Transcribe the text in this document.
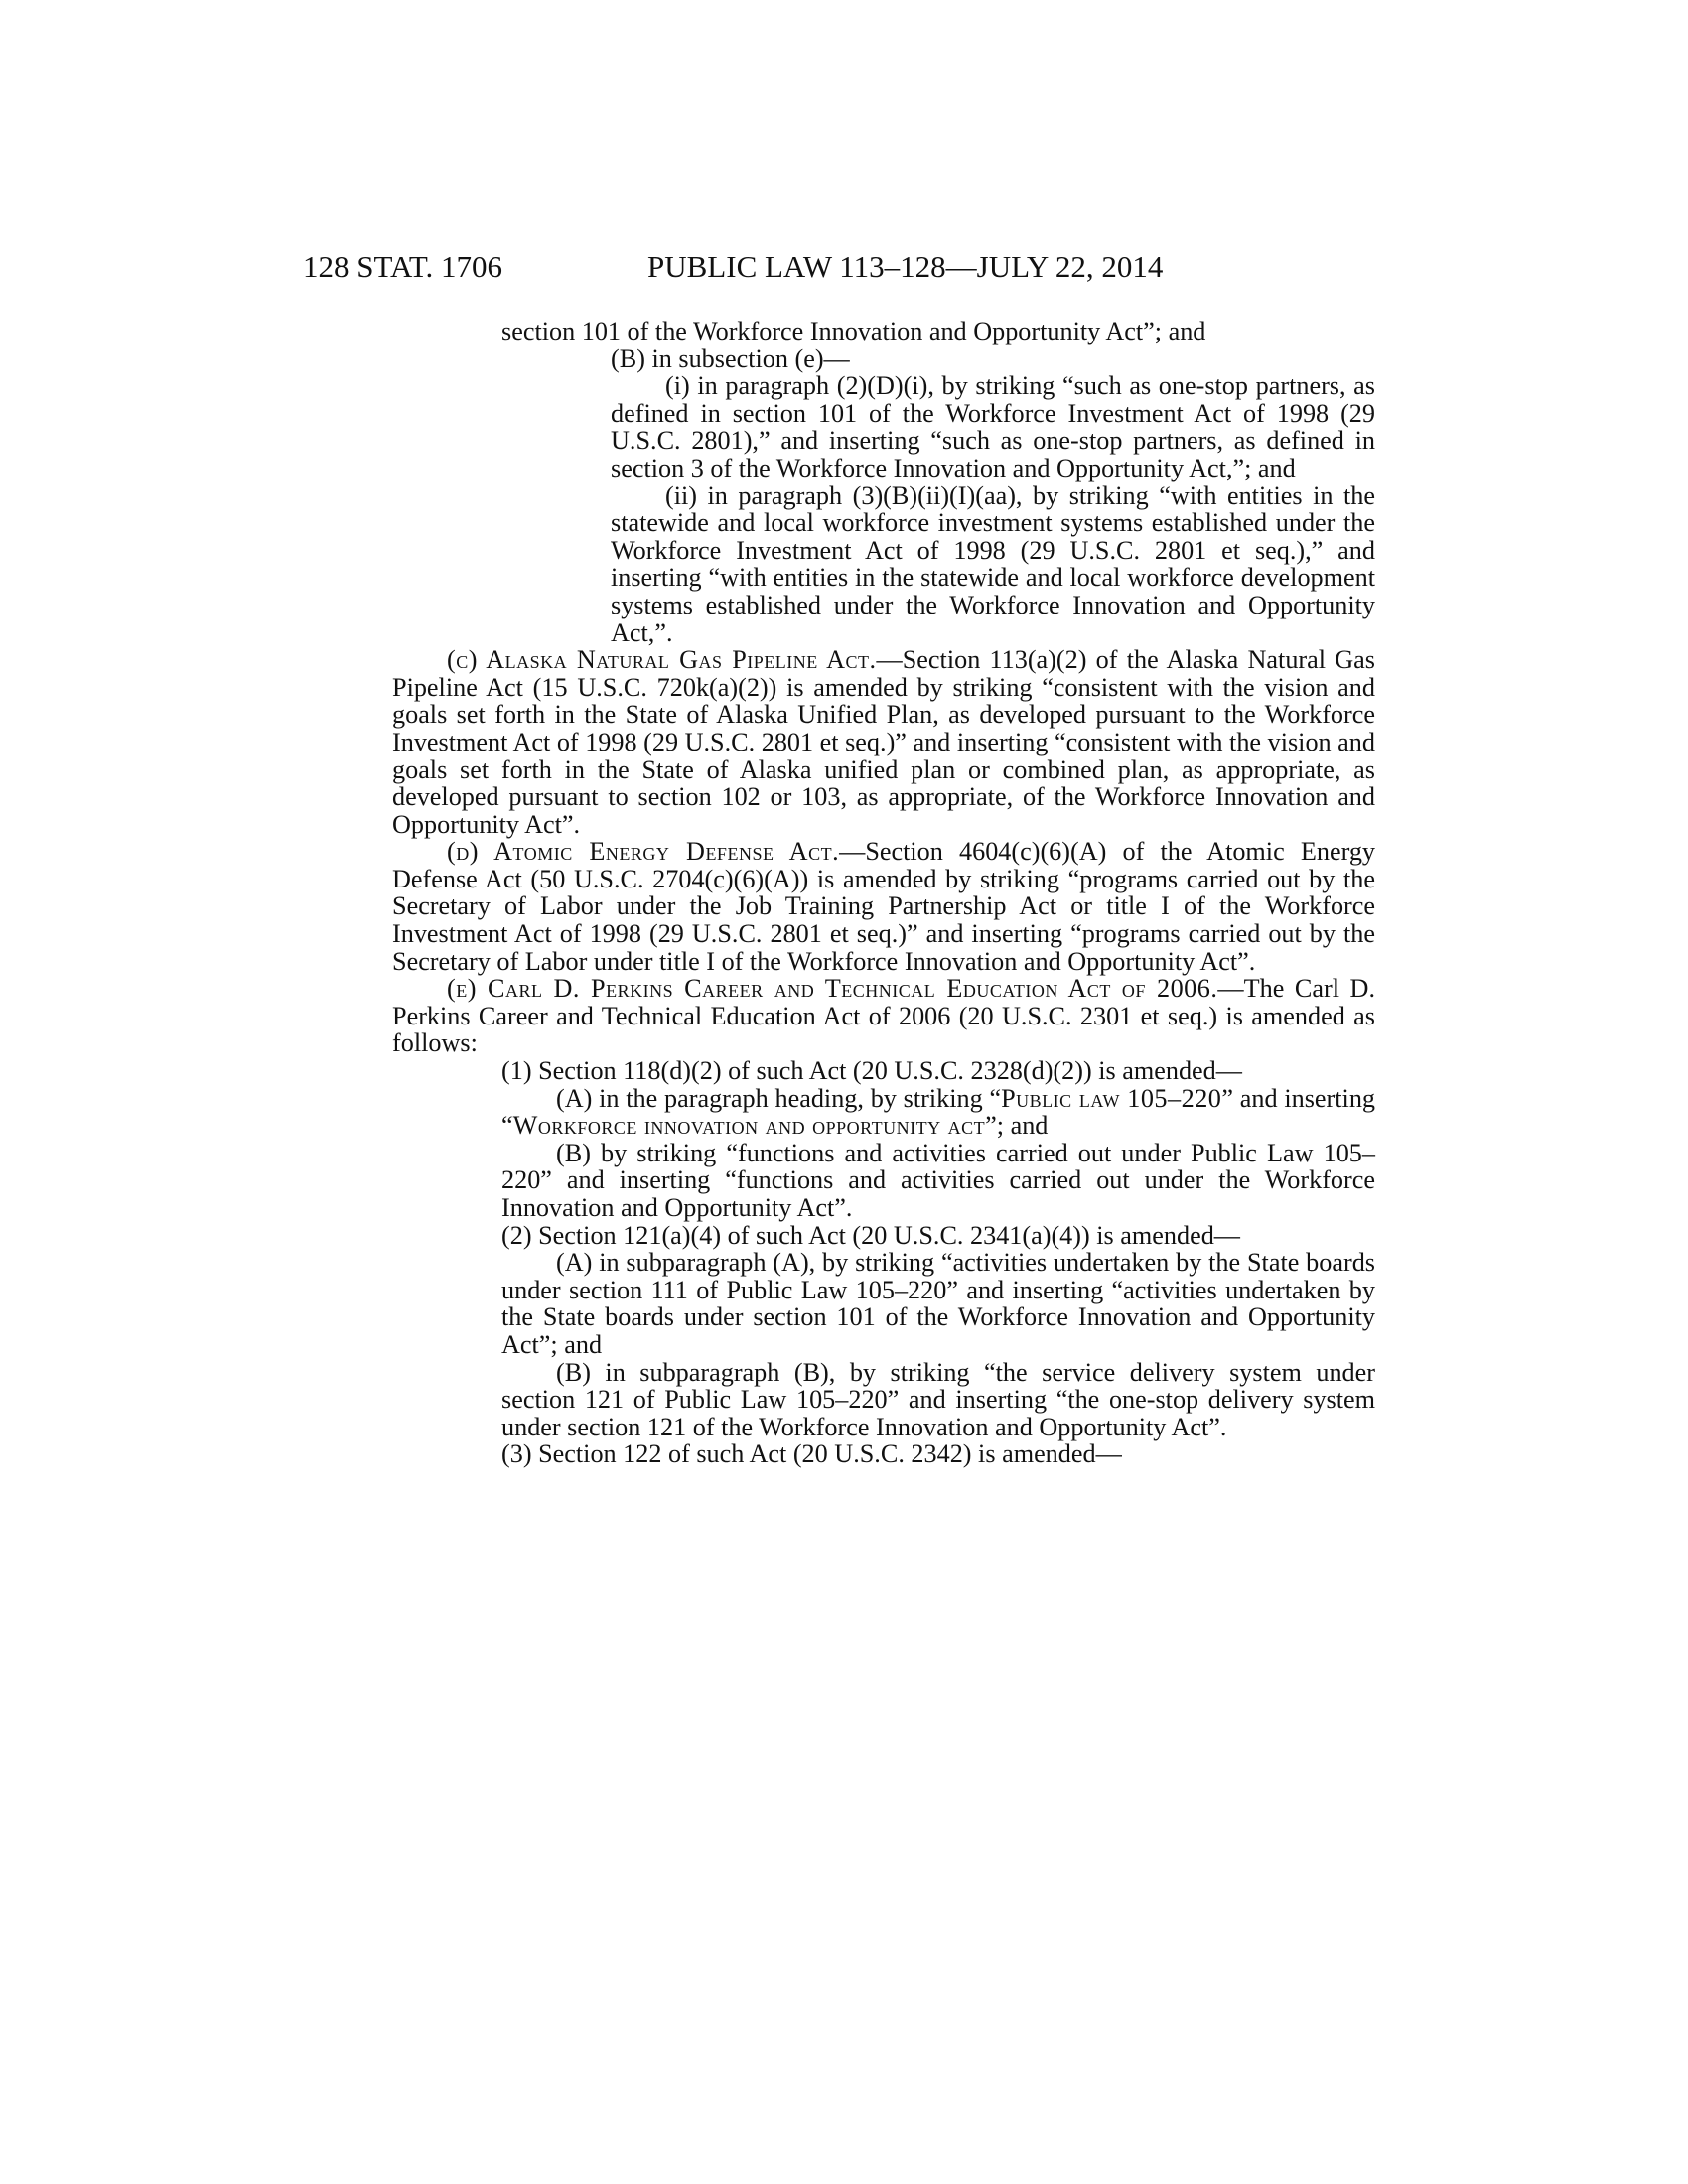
128 STAT. 1706	PUBLIC LAW 113–128—JULY 22, 2014

section 101 of the Workforce Innovation and Opportunity Act”; and

(B) in subsection (e)—

(i) in paragraph (2)(D)(i), by striking “such as one-stop partners, as defined in section 101 of the Workforce Investment Act of 1998 (29 U.S.C. 2801),” and inserting “such as one-stop partners, as defined in section 3 of the Workforce Innovation and Opportunity Act,”; and

(ii) in paragraph (3)(B)(ii)(I)(aa), by striking “with entities in the statewide and local workforce investment systems established under the Workforce Investment Act of 1998 (29 U.S.C. 2801 et seq.),” and inserting “with entities in the statewide and local workforce development systems established under the Workforce Innovation and Opportunity Act,”.

(c) Alaska Natural Gas Pipeline Act.—Section 113(a)(2) of the Alaska Natural Gas Pipeline Act (15 U.S.C. 720k(a)(2)) is amended by striking “consistent with the vision and goals set forth in the State of Alaska Unified Plan, as developed pursuant to the Workforce Investment Act of 1998 (29 U.S.C. 2801 et seq.)” and inserting “consistent with the vision and goals set forth in the State of Alaska unified plan or combined plan, as appropriate, as developed pursuant to section 102 or 103, as appropriate, of the Workforce Innovation and Opportunity Act”.

(d) Atomic Energy Defense Act.—Section 4604(c)(6)(A) of the Atomic Energy Defense Act (50 U.S.C. 2704(c)(6)(A)) is amended by striking “programs carried out by the Secretary of Labor under the Job Training Partnership Act or title I of the Workforce Investment Act of 1998 (29 U.S.C. 2801 et seq.)” and inserting “programs carried out by the Secretary of Labor under title I of the Workforce Innovation and Opportunity Act”.

(e) Carl D. Perkins Career and Technical Education Act of 2006.—The Carl D. Perkins Career and Technical Education Act of 2006 (20 U.S.C. 2301 et seq.) is amended as follows:

(1) Section 118(d)(2) of such Act (20 U.S.C. 2328(d)(2)) is amended—

(A) in the paragraph heading, by striking “Public law 105–220” and inserting “Workforce innovation and opportunity act”; and

(B) by striking “functions and activities carried out under Public Law 105–220” and inserting “functions and activities carried out under the Workforce Innovation and Opportunity Act”.

(2) Section 121(a)(4) of such Act (20 U.S.C. 2341(a)(4)) is amended—

(A) in subparagraph (A), by striking “activities undertaken by the State boards under section 111 of Public Law 105–220” and inserting “activities undertaken by the State boards under section 101 of the Workforce Innovation and Opportunity Act”; and

(B) in subparagraph (B), by striking “the service delivery system under section 121 of Public Law 105–220” and inserting “the one-stop delivery system under section 121 of the Workforce Innovation and Opportunity Act”.

(3) Section 122 of such Act (20 U.S.C. 2342) is amended—
